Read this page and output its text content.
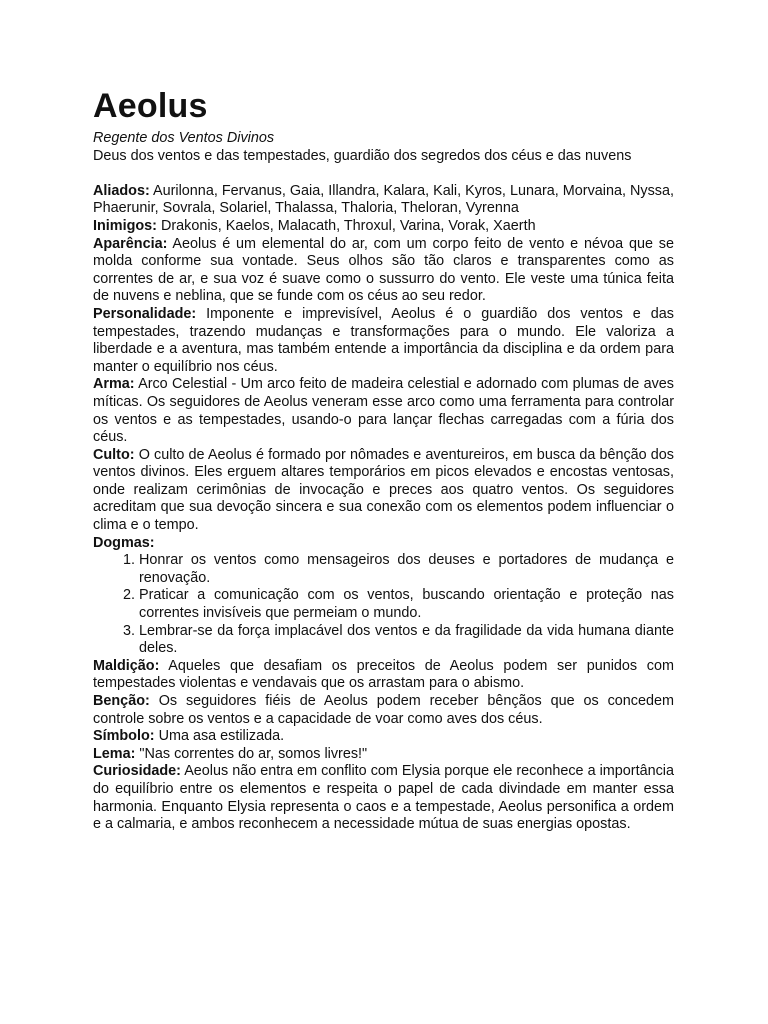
Aeolus

Regente dos Ventos Divinos

Deus dos ventos e das tempestades, guardião dos segredos dos céus e das nuvens

Aliados: Aurilonna, Fervanus, Gaia, Illandra, Kalara, Kali, Kyros, Lunara, Morvaina, Nyssa, Phaerunir, Sovrala, Solariel, Thalassa, Thaloria, Theloran, Vyrenna

Inimigos: Drakonis, Kaelos, Malacath, Throxul, Varina, Vorak, Xaerth

Aparência: Aeolus é um elemental do ar, com um corpo feito de vento e névoa que se molda conforme sua vontade. Seus olhos são tão claros e transparentes como as correntes de ar, e sua voz é suave como o sussurro do vento. Ele veste uma túnica feita de nuvens e neblina, que se funde com os céus ao seu redor.

Personalidade: Imponente e imprevisível, Aeolus é o guardião dos ventos e das tempestades, trazendo mudanças e transformações para o mundo. Ele valoriza a liberdade e a aventura, mas também entende a importância da disciplina e da ordem para manter o equilíbrio nos céus.

Arma: Arco Celestial - Um arco feito de madeira celestial e adornado com plumas de aves míticas. Os seguidores de Aeolus veneram esse arco como uma ferramenta para controlar os ventos e as tempestades, usando-o para lançar flechas carregadas com a fúria dos céus.

Culto: O culto de Aeolus é formado por nômades e aventureiros, em busca da bênção dos ventos divinos. Eles erguem altares temporários em picos elevados e encostas ventosas, onde realizam cerimônias de invocação e preces aos quatro ventos. Os seguidores acreditam que sua devoção sincera e sua conexão com os elementos podem influenciar o clima e o tempo.

Dogmas:

1. Honrar os ventos como mensageiros dos deuses e portadores de mudança e renovação.
2. Praticar a comunicação com os ventos, buscando orientação e proteção nas correntes invisíveis que permeiam o mundo.
3. Lembrar-se da força implacável dos ventos e da fragilidade da vida humana diante deles.

Maldição: Aqueles que desafiam os preceitos de Aeolus podem ser punidos com tempestades violentas e vendavais que os arrastam para o abismo.

Benção: Os seguidores fiéis de Aeolus podem receber bênçãos que os concedem controle sobre os ventos e a capacidade de voar como aves dos céus.

Símbolo: Uma asa estilizada.

Lema: "Nas correntes do ar, somos livres!"

Curiosidade: Aeolus não entra em conflito com Elysia porque ele reconhece a importância do equilíbrio entre os elementos e respeita o papel de cada divindade em manter essa harmonia. Enquanto Elysia representa o caos e a tempestade, Aeolus personifica a ordem e a calmaria, e ambos reconhecem a necessidade mútua de suas energias opostas.
